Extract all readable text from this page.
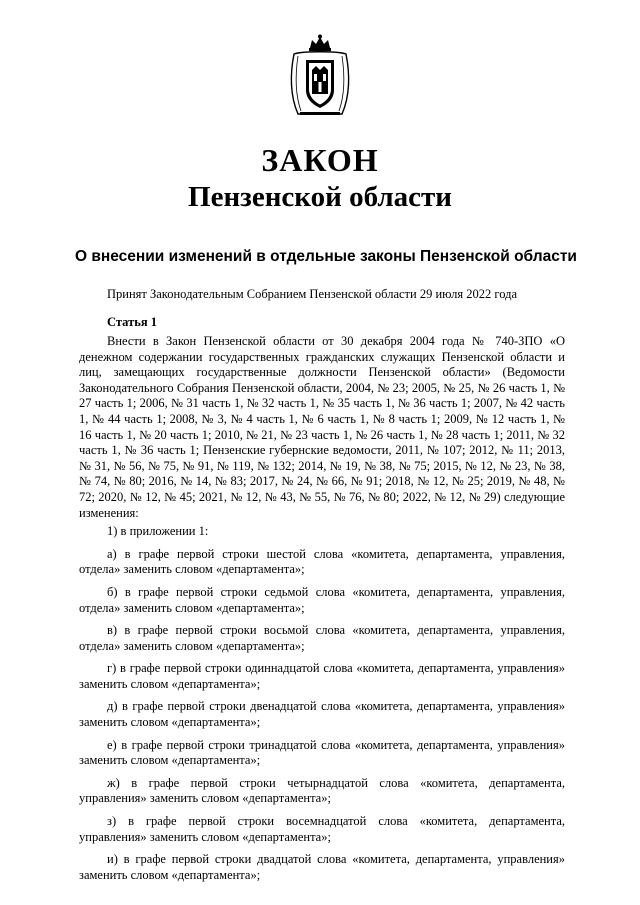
ЗАКОН
Пензенской области
О внесении изменений в отдельные законы Пензенской области

Принят Законодательным Собранием Пензенской области 29 июля 2022 года

Статья 1

Внести в Закон Пензенской области от 30 декабря 2004 года № 740-ЗПО «О денежном содержании государственных гражданских служащих Пензенской области и лиц, замещающих государственные должности Пензенской области» (Ведомости Законодательного Собрания Пензенской области, 2004, № 23; 2005, № 25, № 26 часть 1, № 27 часть 1; 2006, № 31 часть 1, № 32 часть 1, № 35 часть 1, № 36 часть 1; 2007, № 42 часть 1, № 44 часть 1; 2008, № 3, № 4 часть 1, № 6 часть 1, № 8 часть 1; 2009, № 12 часть 1, № 16 часть 1, № 20 часть 1; 2010, № 21, № 23 часть 1, № 26 часть 1, № 28 часть 1; 2011, № 32 часть 1, № 36 часть 1; Пензенские губернские ведомости, 2011, № 107; 2012, № 11; 2013, № 31, № 56, № 75, № 91, № 119, № 132; 2014, № 19, № 38, № 75; 2015, № 12, № 23, № 38, № 74, № 80; 2016, № 14, № 83; 2017, № 24, № 66, № 91; 2018, № 12, № 25; 2019, № 48, № 72; 2020, № 12, № 45; 2021, № 12, № 43, № 55, № 76, № 80; 2022, № 12, № 29) следующие изменения:

1) в приложении 1:

а) в графе первой строки шестой слова «комитета, департамента, управления, отдела» заменить словом «департамента»;

б) в графе первой строки седьмой слова «комитета, департамента, управления, отдела» заменить словом «департамента»;

в) в графе первой строки восьмой слова «комитета, департамента, управления, отдела» заменить словом «департамента»;

г) в графе первой строки одиннадцатой слова «комитета, департамента, управления» заменить словом «департамента»;

д) в графе первой строки двенадцатой слова «комитета, департамента, управления» заменить словом «департамента»;

е) в графе первой строки тринадцатой слова «комитета, департамента, управления» заменить словом «департамента»;

ж) в графе первой строки четырнадцатой слова «комитета, департамента, управления» заменить словом «департамента»;

з) в графе первой строки восемнадцатой слова «комитета, департамента, управления» заменить словом «департамента»;

и) в графе первой строки двадцатой слова «комитета, департамента, управления» заменить словом «департамента»;
